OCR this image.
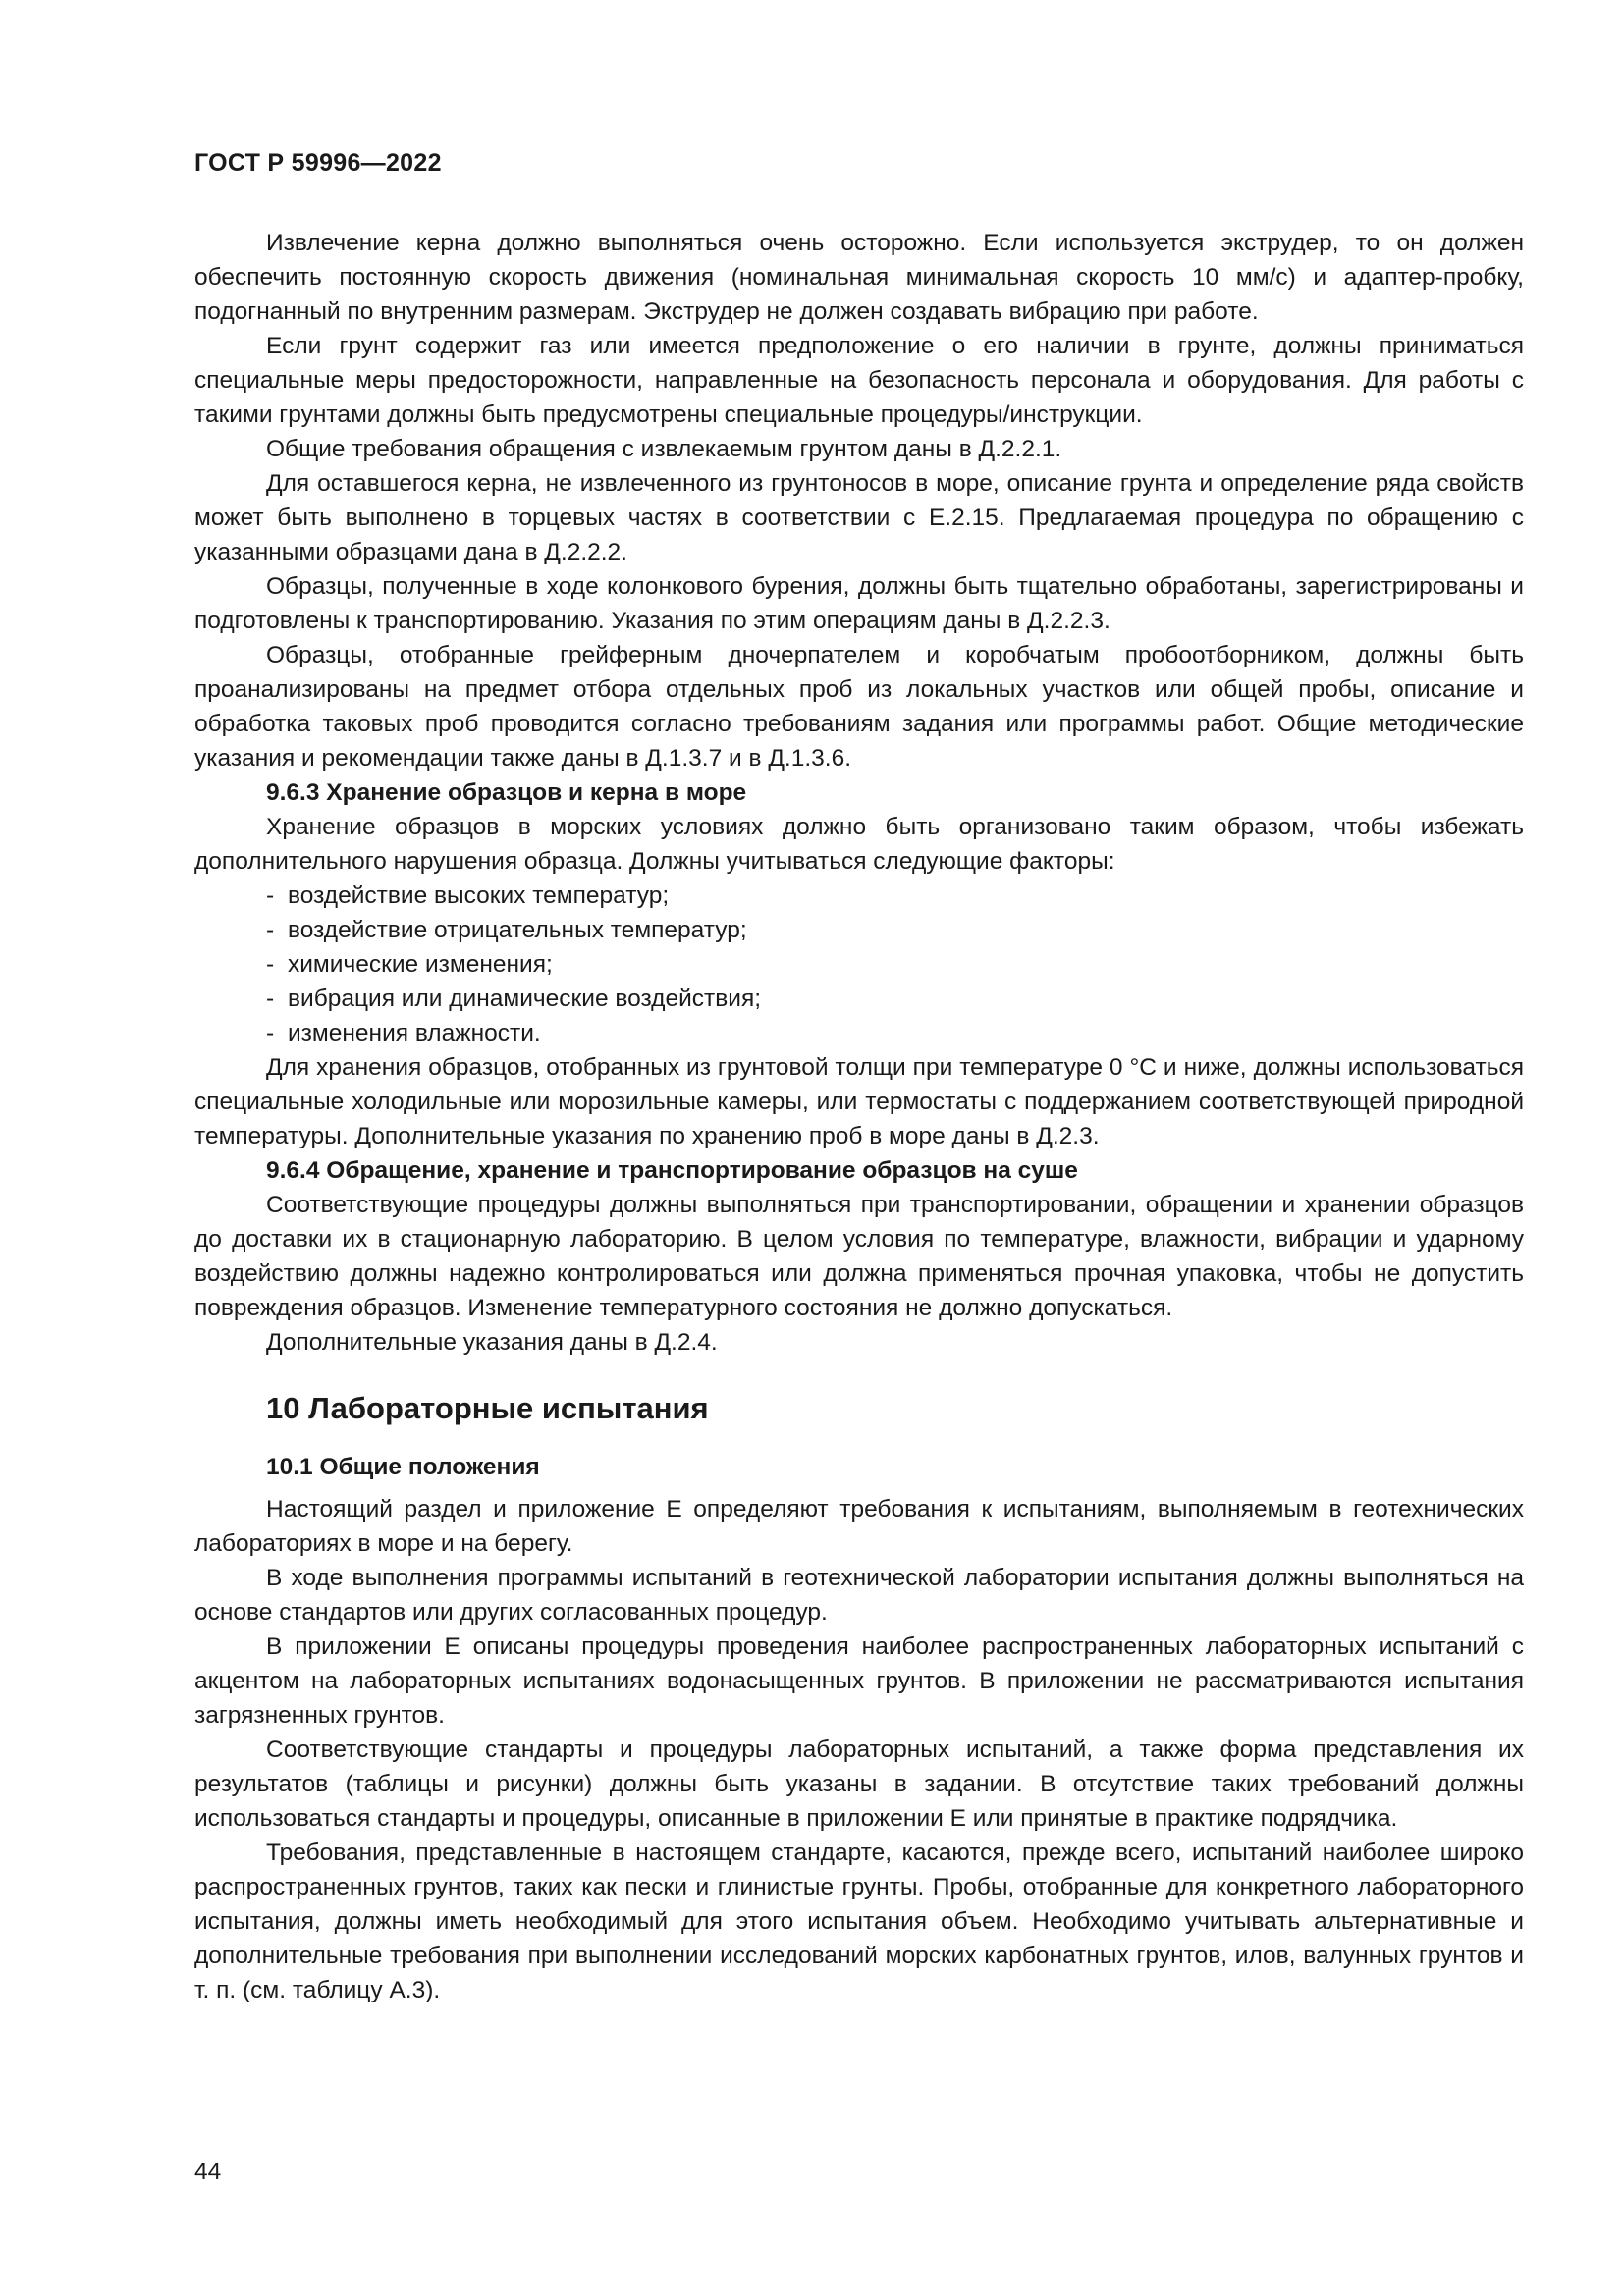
ГОСТ Р 59996—2022

Извлечение керна должно выполняться очень осторожно. Если используется экструдер, то он должен обеспечить постоянную скорость движения (номинальная минимальная скорость 10 мм/с) и адаптер-пробку, подогнанный по внутренним размерам. Экструдер не должен создавать вибрацию при работе.

Если грунт содержит газ или имеется предположение о его наличии в грунте, должны приниматься специальные меры предосторожности, направленные на безопасность персонала и оборудования. Для работы с такими грунтами должны быть предусмотрены специальные процедуры/инструкции.

Общие требования обращения с извлекаемым грунтом даны в Д.2.2.1.

Для оставшегося керна, не извлеченного из грунтоносов в море, описание грунта и определение ряда свойств может быть выполнено в торцевых частях в соответствии с Е.2.15. Предлагаемая процедура по обращению с указанными образцами дана в Д.2.2.2.

Образцы, полученные в ходе колонкового бурения, должны быть тщательно обработаны, зарегистрированы и подготовлены к транспортированию. Указания по этим операциям даны в Д.2.2.3.

Образцы, отобранные грейферным дночерпателем и коробчатым пробоотборником, должны быть проанализированы на предмет отбора отдельных проб из локальных участков или общей пробы, описание и обработка таковых проб проводится согласно требованиям задания или программы работ. Общие методические указания и рекомендации также даны в Д.1.3.7 и в Д.1.3.6.

9.6.3 Хранение образцов и керна в море

Хранение образцов в морских условиях должно быть организовано таким образом, чтобы избежать дополнительного нарушения образца. Должны учитываться следующие факторы:

- воздействие высоких температур;
- воздействие отрицательных температур;
- химические изменения;
- вибрация или динамические воздействия;
- изменения влажности.

Для хранения образцов, отобранных из грунтовой толщи при температуре 0 °С и ниже, должны использоваться специальные холодильные или морозильные камеры, или термостаты с поддержанием соответствующей природной температуры. Дополнительные указания по хранению проб в море даны в Д.2.3.

9.6.4 Обращение, хранение и транспортирование образцов на суше

Соответствующие процедуры должны выполняться при транспортировании, обращении и хранении образцов до доставки их в стационарную лабораторию. В целом условия по температуре, влажности, вибрации и ударному воздействию должны надежно контролироваться или должна применяться прочная упаковка, чтобы не допустить повреждения образцов. Изменение температурного состояния не должно допускаться.

Дополнительные указания даны в Д.2.4.

10 Лабораторные испытания
10.1 Общие положения

Настоящий раздел и приложение Е определяют требования к испытаниям, выполняемым в геотехнических лабораториях в море и на берегу.

В ходе выполнения программы испытаний в геотехнической лаборатории испытания должны выполняться на основе стандартов или других согласованных процедур.

В приложении Е описаны процедуры проведения наиболее распространенных лабораторных испытаний с акцентом на лабораторных испытаниях водонасыщенных грунтов. В приложении не рассматриваются испытания загрязненных грунтов.

Соответствующие стандарты и процедуры лабораторных испытаний, а также форма представления их результатов (таблицы и рисунки) должны быть указаны в задании. В отсутствие таких требований должны использоваться стандарты и процедуры, описанные в приложении Е или принятые в практике подрядчика.

Требования, представленные в настоящем стандарте, касаются, прежде всего, испытаний наиболее широко распространенных грунтов, таких как пески и глинистые грунты. Пробы, отобранные для конкретного лабораторного испытания, должны иметь необходимый для этого испытания объем. Необходимо учитывать альтернативные и дополнительные требования при выполнении исследований морских карбонатных грунтов, илов, валунных грунтов и т. п. (см. таблицу А.3).

44
